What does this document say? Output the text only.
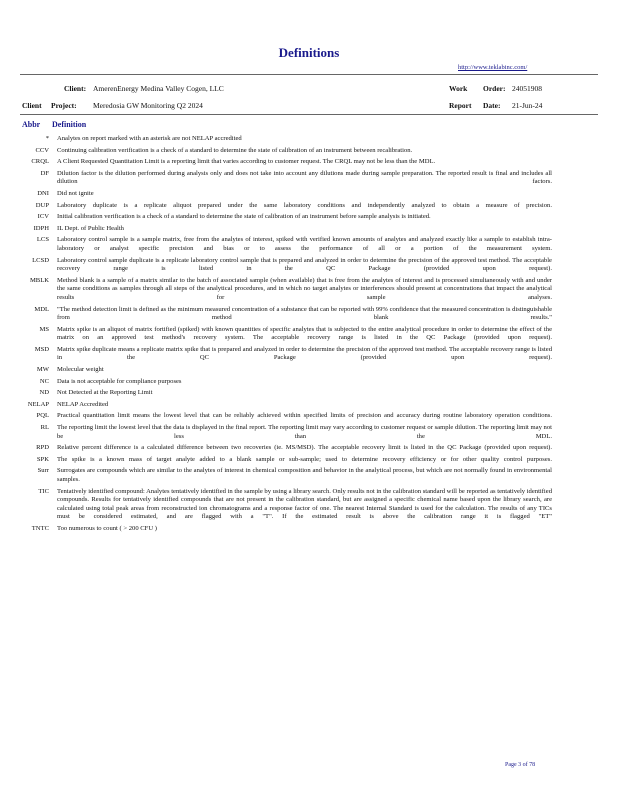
Definitions
http://www.teklabinc.com/
Client: AmerenEnergy Medina Valley Cogen, LLC	Work Order: 24051908
Client Project: Meredosia GW Monitoring Q2 2024	Report Date: 21-Jun-24
Abbr Definition
* Analytes on report marked with an asterisk are not NELAP accredited
CCV Continuing calibration verification is a check of a standard to determine the state of calibration of an instrument between recalibration.
CRQL A Client Requested Quantitation Limit is a reporting limit that varies according to customer request. The CRQL may not be less than the MDL.
DF Dilution factor is the dilution performed during analysis only and does not take into account any dilutions made during sample preparation. The reported result is final and includes all dilution factors.
DNI Did not ignite
DUP Laboratory duplicate is a replicate aliquot prepared under the same laboratory conditions and independently analyzed to obtain a measure of precision.
ICV Initial calibration verification is a check of a standard to determine the state of calibration of an instrument before sample analysis is initiated.
IDPH IL Dept. of Public Health
LCS Laboratory control sample is a sample matrix, free from the analytes of interest, spiked with verified known amounts of analytes and analyzed exactly like a sample to establish intra-laboratory or analyst specific precision and bias or to assess the performance of all or a portion of the measurement system.
LCSD Laboratory control sample duplicate is a replicate laboratory control sample that is prepared and analyzed in order to determine the precision of the approved test method. The acceptable recovery range is listed in the QC Package (provided upon request).
MBLK Method blank is a sample of a matrix similar to the batch of associated sample (when available) that is free from the analytes of interest and is processed simultaneously with and under the same conditions as samples through all steps of the analytical procedures, and in which no target analytes or interferences should present at concentrations that impact the analytical results for sample analyses.
MDL "The method detection limit is defined as the minimum measured concentration of a substance that can be reported with 99% confidence that the measured concentration is distinguishable from method blank results."
MS Matrix spike is an aliquot of matrix fortified (spiked) with known quantities of specific analytes that is subjected to the entire analytical procedure in order to determine the effect of the matrix on an approved test method's recovery system. The acceptable recovery range is listed in the QC Package (provided upon request).
MSD Matrix spike duplicate means a replicate matrix spike that is prepared and analyzed in order to determine the precision of the approved test method. The acceptable recovery range is listed in the QC Package (provided upon request).
MW Molecular weight
NC Data is not acceptable for compliance purposes
ND Not Detected at the Reporting Limit
NELAP NELAP Accredited
PQL Practical quantitation limit means the lowest level that can be reliably achieved within specified limits of precision and accuracy during routine laboratory operation conditions.
RL The reporting limit the lowest level that the data is displayed in the final report. The reporting limit may vary according to customer request or sample dilution. The reporting limit may not be less than the MDL.
RPD Relative percent difference is a calculated difference between two recoveries (ie. MS/MSD). The acceptable recovery limit is listed in the QC Package (provided upon request).
SPK The spike is a known mass of target analyte added to a blank sample or sub-sample; used to determine recovery efficiency or for other quality control purposes.
Surr Surrogates are compounds which are similar to the analytes of interest in chemical composition and behavior in the analytical process, but which are not normally found in environmental samples.
TIC Tentatively identified compound: Analytes tentatively identified in the sample by using a library search. Only results not in the calibration standard will be reported as tentatively identified compounds. Results for tentatively identified compounds that are not present in the calibration standard, but are assigned a specific chemical name based upon the library search, are calculated using total peak areas from reconstructed ion chromatograms and a response factor of one. The nearest Internal Standard is used for the calculation. The results of any TICs must be considered estimated, and are flagged with a "T". If the estimated result is above the calibration range it is flagged "ET"
TNTC Too numerous to count ( > 200 CFU )
Page 3 of 78
